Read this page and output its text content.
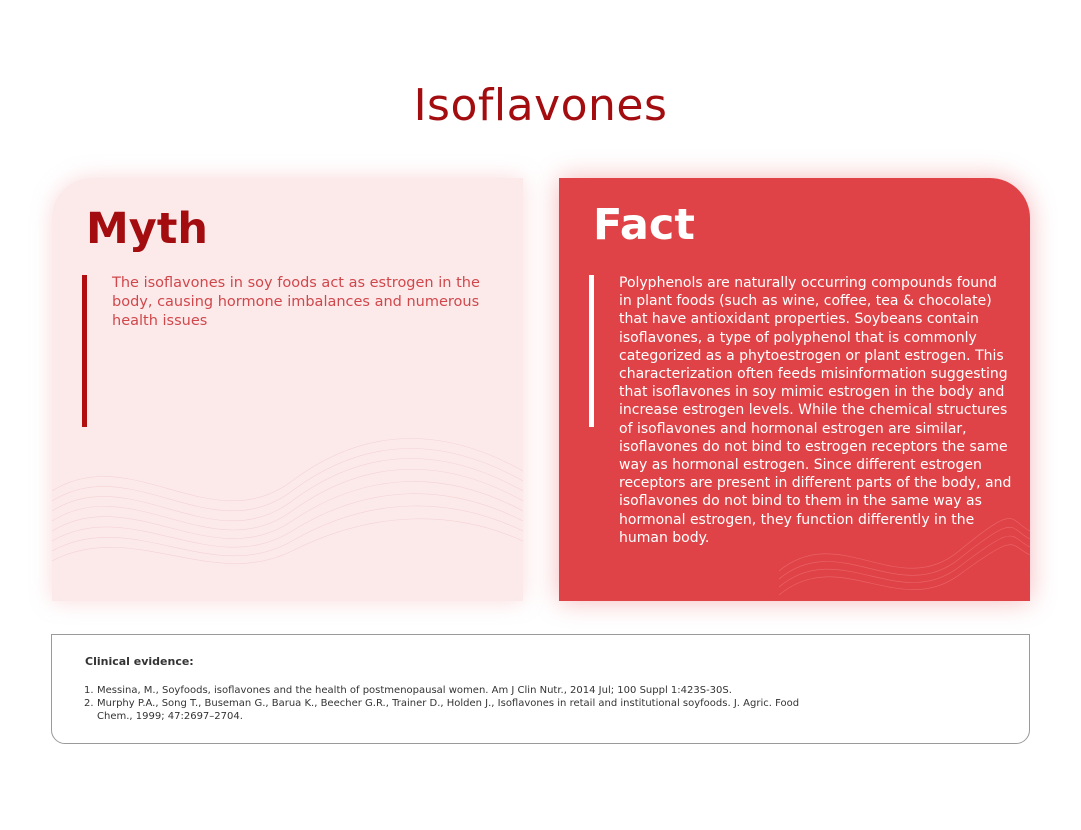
Isoflavones
Myth

The isoflavones in soy foods act as estrogen in the body, causing hormone imbalances and numerous health issues

Fact

Polyphenols are naturally occurring compounds found in plant foods (such as wine, coffee, tea & chocolate) that have antioxidant properties. Soybeans contain isoflavones, a type of polyphenol that is commonly categorized as a phytoestrogen or plant estrogen. This characterization often feeds misinformation suggesting that isoflavones in soy mimic estrogen in the body and increase estrogen levels. While the chemical structures of isoflavones and hormonal estrogen are similar, isoflavones do not bind to estrogen receptors the same way as hormonal estrogen. Since different estrogen receptors are present in different parts of the body, and isoflavones do not bind to them in the same way as hormonal estrogen, they function differently in the human body.

Clinical evidence:
1. Messina, M., Soyfoods, isoflavones and the health of postmenopausal women. Am J Clin Nutr., 2014 Jul; 100 Suppl 1:423S-30S.
2. Murphy P.A., Song T., Buseman G., Barua K., Beecher G.R., Trainer D., Holden J., Isoflavones in retail and institutional soyfoods. J. Agric. Food Chem., 1999; 47:2697–2704.
